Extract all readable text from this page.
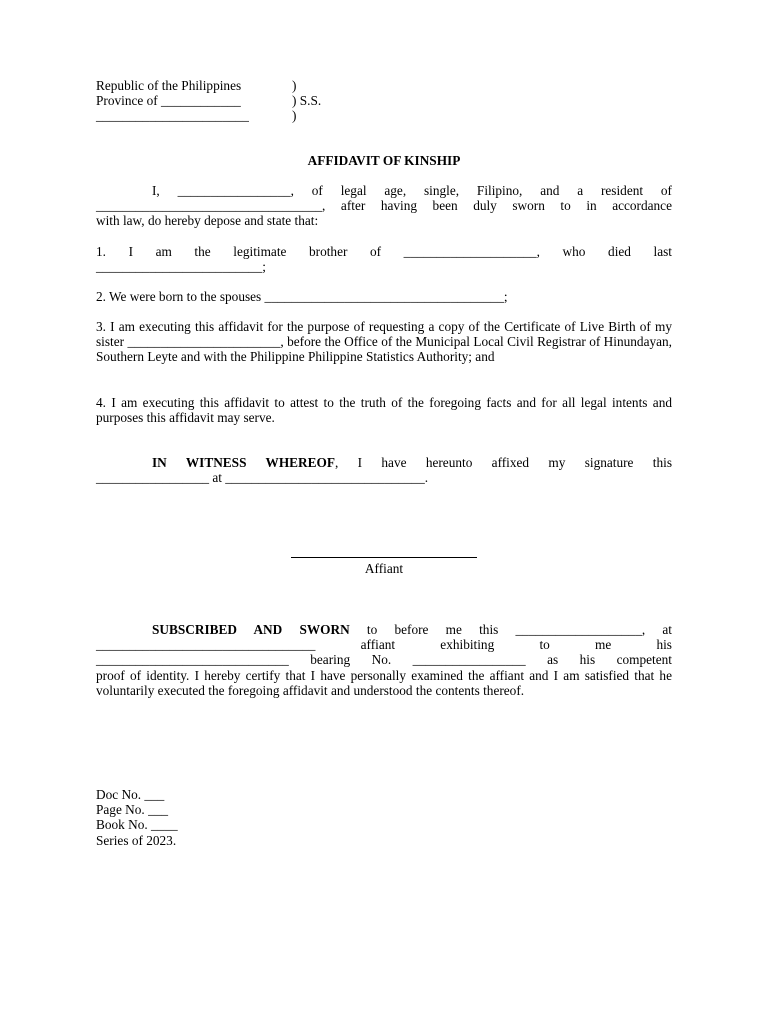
Republic of the Philippines	)
Province of ____________	) S.S.
_______________________	)
AFFIDAVIT OF KINSHIP

I, _________________, of legal age, single, Filipino, and a resident of

__________________________________, after having been duly sworn to in accordance

with law, do hereby depose and state that:

1. I am the legitimate brother of ____________________, who died last

_________________________;

2. We were born to the spouses ____________________________________;
3. I am executing this affidavit for the purpose of requesting a copy of the Certificate of Live Birth of my sister _______________________, before the Office of the Municipal Local Civil Registrar of Hinundayan, Southern Leyte and with the Philippine Philippine Statistics Authority; and
4. I am executing this affidavit to attest to the truth of the foregoing facts and for all legal intents and purposes this affidavit may serve.

IN WITNESS WHEREOF, I have hereunto affixed my signature this

_________________ at ______________________________.

Affiant

SUBSCRIBED AND SWORN to before me this ___________________, at

_________________________________ affiant exhibiting to me his

_____________________________ bearing No. _________________ as his competent

proof of identity. I hereby certify that I have personally examined the affiant and I am satisfied that he voluntarily executed the foregoing affidavit and understood the contents thereof.

Doc No. ___

Page No. ___

Book No. ____

Series of 2023.
